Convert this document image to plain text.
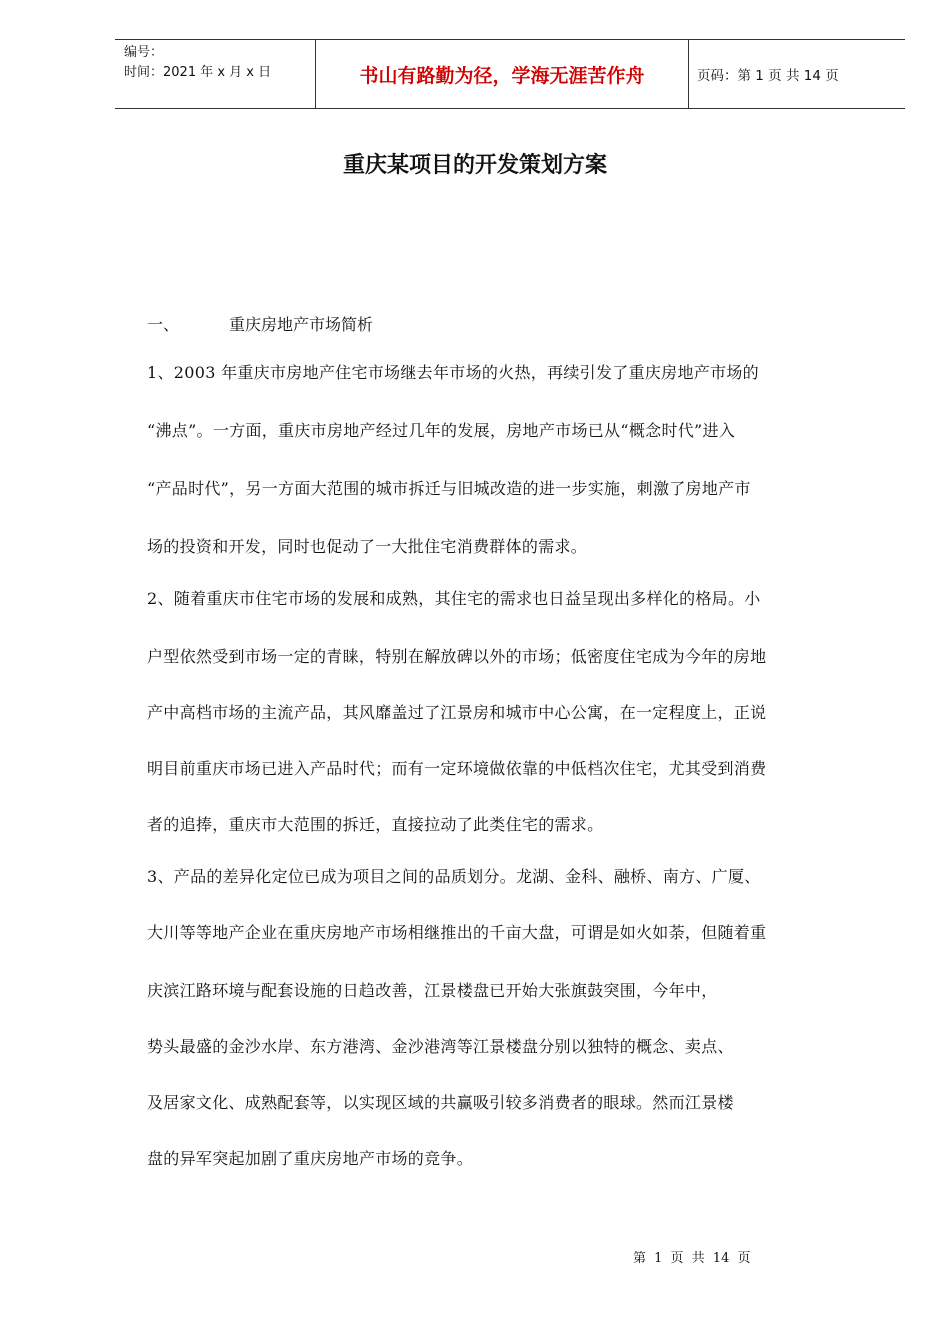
编号：
时间：2021 年 x 月 x 日	书山有路勤为径，学海无涯苦作舟	页码：第 1 页 共 14 页
重庆某项目的开发策划方案
一、	重庆房地产市场简析
1、2003 年重庆市房地产住宅市场继去年市场的火热，再续引发了重庆房地产市场的
“沸点”。一方面，重庆市房地产经过几年的发展，房地产市场已从“概念时代”进入
“产品时代”，另一方面大范围的城市拆迁与旧城改造的进一步实施，刺激了房地产市
场的投资和开发，同时也促动了一大批住宅消费群体的需求。
2、随着重庆市住宅市场的发展和成熟，其住宅的需求也日益呈现出多样化的格局。小
户型依然受到市场一定的青睐，特别在解放碑以外的市场；低密度住宅成为今年的房地
产中高档市场的主流产品，其风靡盖过了江景房和城市中心公寓，在一定程度上，正说
明目前重庆市场已进入产品时代；而有一定环境做依靠的中低档次住宅，尤其受到消费
者的追捧，重庆市大范围的拆迁，直接拉动了此类住宅的需求。
3、产品的差异化定位已成为项目之间的品质划分。龙湖、金科、融桥、南方、广厦、
大川等等地产企业在重庆房地产市场相继推出的千亩大盘，可谓是如火如荼，但随着重
庆滨江路环境与配套设施的日趋改善，江景楼盘已开始大张旗鼓突围，今年中，
势头最盛的金沙水岸、东方港湾、金沙港湾等江景楼盘分别以独特的概念、卖点、
及居家文化、成熟配套等，以实现区域的共赢吸引较多消费者的眼球。然而江景楼
盘的异军突起加剧了重庆房地产市场的竞争。
第 1 页 共 14 页
